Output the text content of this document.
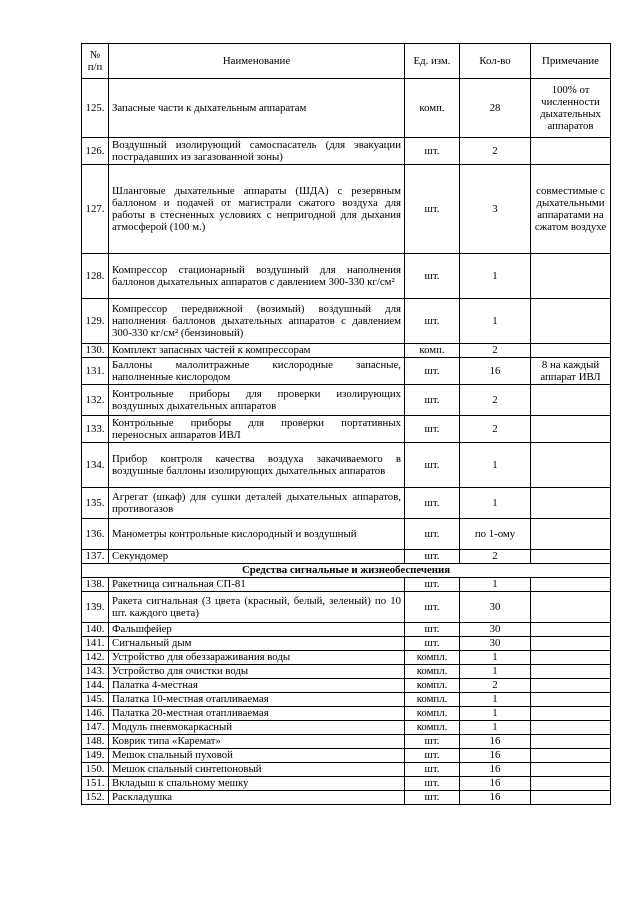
№ п/п	Наименование	Ед. изм.	Кол-во	Примечание
125.	Запасные части к дыхательным аппаратам	комп.	28	100% от численности дыхательных аппаратов
126.	Воздушный изолирующий самоспасатель (для эвакуации пострадавших из загазованной зоны)	шт.	2	
127.	Шланговые дыхательные аппараты (ШДА) с резервным баллоном и подачей от магистрали сжатого воздуха для работы в стесненных условиях с непригодной для дыхания атмосферой (100 м.)	шт.	3	совместимые с дыхательными аппаратами на сжатом воздухе
128.	Компрессор стационарный воздушный для наполнения баллонов дыхательных аппаратов с давлением 300-330 кг/см²	шт.	1	
129.	Компрессор передвижной (возимый) воздушный для наполнения баллонов дыхательных аппаратов с давлением 300-330 кг/см² (бензиновый)	шт.	1	
130.	Комплект запасных частей к компрессорам	комп.	2	
131.	Баллоны малолитражные кислородные запасные, наполненные кислородом	шт.	16	8 на каждый аппарат ИВЛ
132.	Контрольные приборы для проверки изолирующих воздушных дыхательных аппаратов	шт.	2	
133.	Контрольные приборы для проверки портативных переносных аппаратов ИВЛ	шт.	2	
134.	Прибор контроля качества воздуха закачиваемого в воздушные баллоны изолирующих дыхательных аппаратов	шт.	1	
135.	Агрегат (шкаф) для сушки деталей дыхательных аппаратов, противогазов	шт.	1	
136.	Манометры контрольные кислородный и воздушный	шт.	по 1-ому	
137.	Секундомер	шт.	2	
Средства сигнальные и жизнеобеспечения				
138.	Ракетница сигнальная СП-81	шт.	1	
139.	Ракета сигнальная (3 цвета (красный, белый, зеленый) по 10 шт. каждого цвета)	шт.	30	
140.	Фальшфейер	шт.	30	
141.	Сигнальный дым	шт.	30	
142.	Устройство для обеззараживания воды	компл.	1	
143.	Устройство для очистки воды	компл.	1	
144.	Палатка 4-местная	компл.	2	
145.	Палатка 10-местная отапливаемая	компл.	1	
146.	Палатка 20-местная отапливаемая	компл.	1	
147.	Модуль пневмокаркасный	компл.	1	
148.	Коврик типа «Каремат»	шт.	16	
149.	Мешок спальный пуховой	шт.	16	
150.	Мешок спальный синтепоновый	шт.	16	
151.	Вкладыш к спальному мешку	шт.	16	
152.	Раскладушка	шт.	16	
